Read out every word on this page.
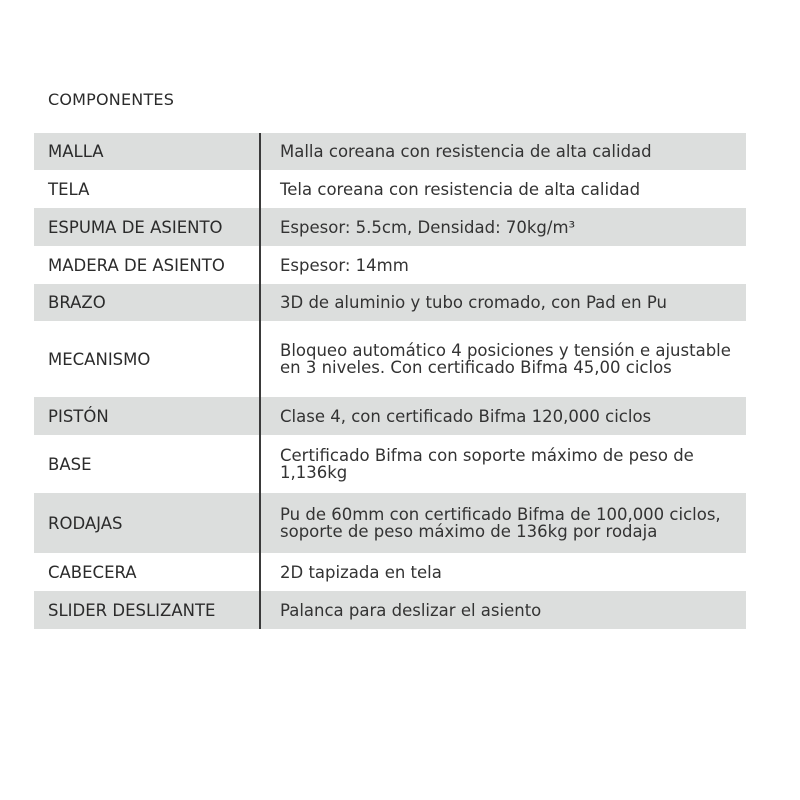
COMPONENTES
MALLA	Malla coreana con resistencia de alta calidad
TELA	Tela coreana con resistencia de alta calidad
ESPUMA DE ASIENTO	Espesor: 5.5cm, Densidad: 70kg/m³
MADERA DE ASIENTO	Espesor: 14mm
BRAZO	3D de aluminio y tubo cromado, con Pad en Pu
MECANISMO	Bloqueo automático 4 posiciones y tensión e ajustable en 3 niveles. Con certificado Bifma 45,00 ciclos
PISTÓN	Clase 4, con certificado Bifma 120,000 ciclos
BASE	Certificado Bifma con soporte máximo de peso de 1,136kg
RODAJAS	Pu de 60mm con certificado Bifma de 100,000 ciclos, soporte de peso máximo de 136kg por rodaja
CABECERA	2D tapizada en tela
SLIDER DESLIZANTE	Palanca para deslizar el asiento
